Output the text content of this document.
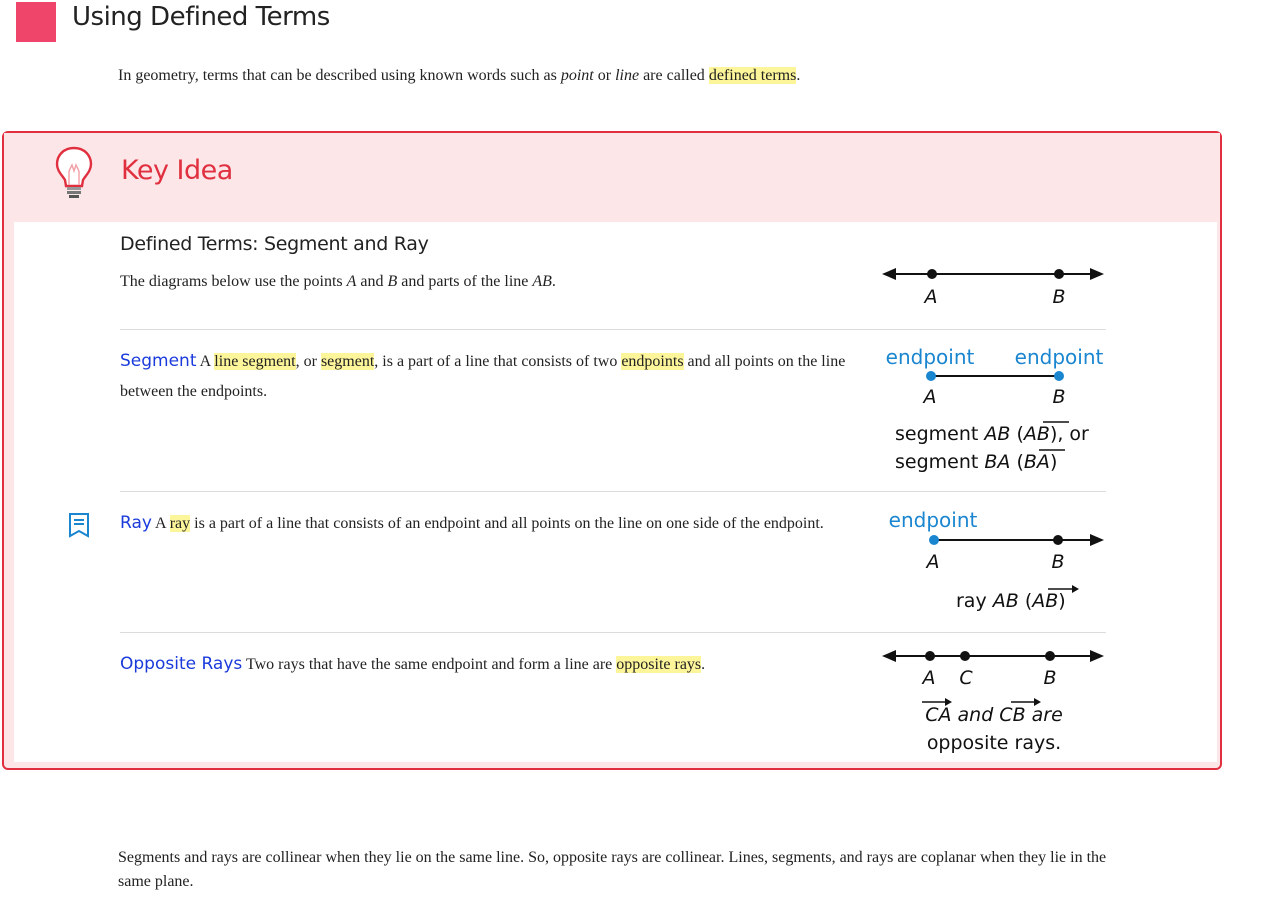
Using Defined Terms
In geometry, terms that can be described using known words such as point or line are called defined terms.
Key Idea
Defined Terms: Segment and Ray
The diagrams below use the points A and B and parts of the line AB.
A	B
Segment A line segment, or segment, is a part of a line that consists of two endpoints and all points on the line between the endpoints.
endpoint endpoint
A	B
segment AB (AB), or
segment BA (BA)
Ray A ray is a part of a line that consists of an endpoint and all points on the line on one side of the endpoint.	endpoint
A	B
ray AB (AB)
Opposite Rays Two rays that have the same endpoint and form a line are opposite rays.
A C	B
CA and CB are
opposite rays.
Segments and rays are collinear when they lie on the same line. So, opposite rays are collinear. Lines, segments, and rays are coplanar when they lie in the same plane.
